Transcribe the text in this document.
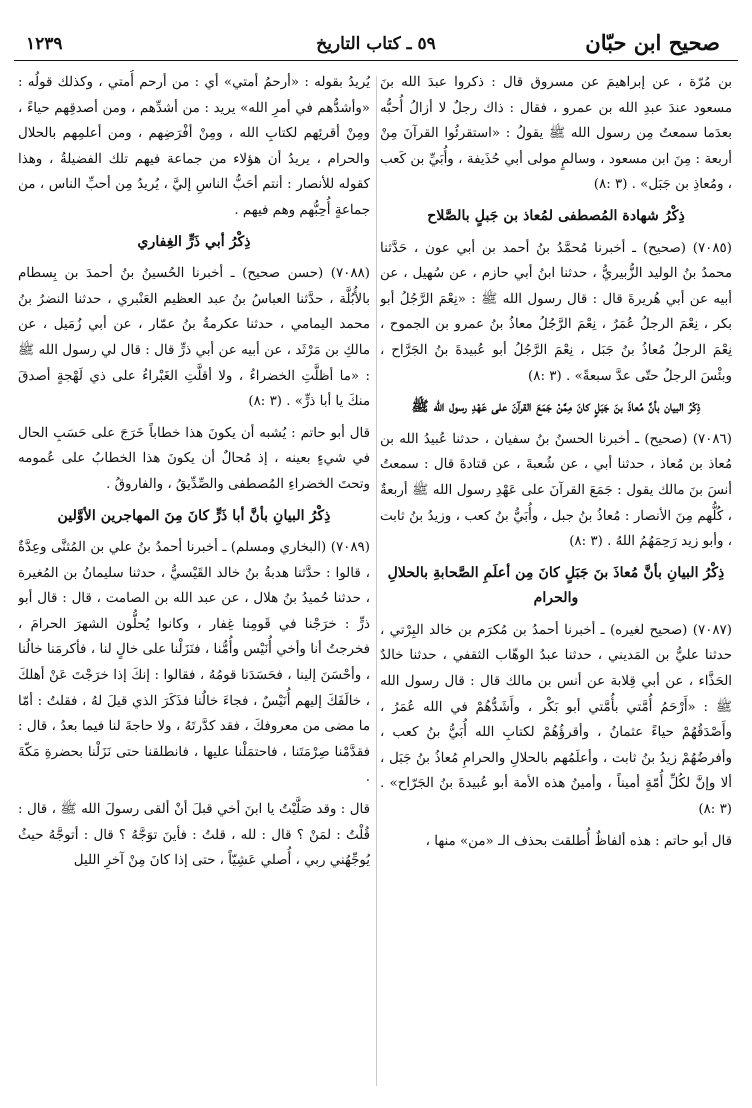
صحيح ابن حبّان
٥٩ ـ كتاب التاريخ
١٢٣٩

بن مُرّة ، عن إبراهيمَ عن مسروق قال : ذكروا عبدَ الله بنَ مسعود عندَ عبدِ الله بن عمرو ، فقال : ذاك رجلٌ لا أزالُ أُحبُّه بعدَما سمعتُ مِن رسول الله ﷺ يقولُ : «استقرئُوا القرآنَ مِنْ أربعة : مِنَ ابن مسعود ، وسالمٍ مولى أبي حُذَيفة ، وأُبَيِّ بن كَعب ، ومُعاذِ بن جَبَل» . (٣ :٨)

ذِكْرُ شهادة المُصطفى لمُعاذ بن جَبلٍ بالصَّلاح

(٧٠٨٥) (صحيح) ـ أخبرنا مُحمَّدُ بنُ أحمد بن أبي عون ، حَدَّثنا محمدُ بنُ الوليد الزُّبيريُّ ، حدثنا ابنُ أبي حازم ، عن سُهيل ، عن أبيه عن أبي هُريرةَ قال : قال رسول الله ﷺ : «نِعْمَ الرَّجُلُ أبو بكر ، نِعْمَ الرجلُ عُمَرُ ، نِعْمَ الرَّجُلُ معاذُ بنُ عمرو بن الجموح ، نِعْمَ الرجلُ مُعاذُ بنُ جَبَل ، نِعْمَ الرَّجُلُ أبو عُبيدةَ بنُ الجَرَّاح ، وبئْسَ الرجلُ حتّى عدَّ سبعةً» . (٣ :٨)

ذِكْرُ البيان بأنَّ مُعاذَ بنَ جَبَلٍ كانَ مِمَّنْ جَمَعَ القرآنَ على عَهْدِ رسول الله ﷺ

(٧٠٨٦) (صحيح) ـ أخبرنا الحسنُ بنُ سفيان ، حدثنا عُبيدُ الله بن مُعاذ بن مُعاذ ، حدثنا أبي ، عن شُعبةَ ، عن قتادةَ قال : سمعتُ أنسَ بنَ مالك يقول : جَمَعَ القرآنَ على عَهْدِ رسول الله ﷺ أربعةٌ ، كُلُّهم مِنَ الأنصار : مُعاذُ بنُ جبل ، وأُبَيُّ بنُ كعب ، وزيدُ بنُ ثابت ، وأبو زيد رَحِمَهُمُ اللهُ . (٣ :٨)

ذِكْرُ البيانِ بأنَّ مُعاذَ بنَ جَبَلٍ كانَ مِن أعلَمِ الصَّحابةِ بالحلالِ والحرام

(٧٠٨٧) (صحيح لغيره) ـ أخبرنا أحمدُ بن مُكرَم بن خالد البِرْتي ، حدثنا عليُّ بن المَديني ، حدثنا عبدُ الوهّاب الثقفي ، حدثنا خالدٌ الحَذَّاء ، عن أبي قِلابة عن أنس بن مالك قال : قال رسول الله ﷺ : «أَرْحَمُ أُمَّتي بأُمَّتي أبو بَكْر ، وأَشَدُّهُمْ في الله عُمَرُ ، وأَصْدَقُهُمْ حياءً عثمانُ ، وأقرؤُهُمْ لكتابِ الله أُبَيُّ بنُ كعب ، وأفرضُهُمْ زيدُ بنُ ثابت ، وأعلَمُهم بالحلالِ والحرامِ مُعاذُ بنُ جَبَل ، ألا وإنَّ لكُلِّ أُمّةٍ أميناً ، وأمينُ هذه الأمة أبو عُبيدةَ بنُ الجَرّاح» . (٣ :٨)

قال أبو حاتم : هذه ألفاظٌ أُطلقت بحذف الـ «من» منها ،

يُريدُ بقوله : «أرحمُ أمتي» أي : من أرحم أُمتي ، وكذلك قولُه : «وأشدُّهم في أمرِ الله» يريد : من أشدِّهم ، ومن أصدقِهم حياءً ، ومِنْ أقرئِهم لكتابِ الله ، ومِنْ أفْرَضِهم ، ومن أعلمِهم بالحلال والحرام ، يريدُ أن هؤلاء من جماعة فيهم تلك الفضيلةُ ، وهذا كقوله للأنصار : أنتم أحَبُّ الناسِ إليَّ ، يُريدُ مِن أحبِّ الناس ، من جماعةٍ أُحِبُّهم وهم فيهم .

ذِكْرُ أبي ذَرٍّ الغِفاري

(٧٠٨٨) (حسن صحيح) ـ أخبرنا الحُسينُ بنُ أحمدَ بن بِسطام بالأُبُلَّة ، حدَّثنا العباسُ بنُ عبد العظيم العَنْبري ، حدثنا النضرُ بنُ محمد اليمامي ، حدثنا عكرمةُ بنُ عمّار ، عن أبي زُمَيل ، عن مالكِ بن مَرْثَد ، عن أبيه عن أبي ذرٍّ قال : قال لي رسول الله ﷺ : «ما أظلَّتِ الخضراءُ ، ولا أقلَّتِ الغَبْراءُ على ذي لَهْجةٍ أصدقَ منكَ يا أبا ذرٍّ» . (٣ :٨)

قال أبو حاتم : يُشبه أن يكونَ هذا خطاباً خَرَجَ على حَسَبِ الحال في شيءٍ بعينه ، إذ مُحالٌ أن يكونَ هذا الخطابُ على عُمومه وتحتَ الخضراءِ المُصطفى والصِّدِّيقُ ، والفاروقُ .

ذِكْرُ البيانِ بأنَّ أبا ذَرٍّ كانَ مِنَ المهاجرين الأوَّلين

(٧٠٨٩) (البخاري ومسلم) ـ أخبرنا أحمدُ بنُ علي بن المُثنَّى وعِدَّةٌ ، قالوا : حدَّثنا هدبةُ بنُ خالد القَيْسيُّ ، حدثنا سليمانُ بن المُغيرة ، حدثنا حُميدُ بنُ هلال ، عن عبد الله بن الصامت ، قال : قال أبو ذرٍّ : خرَجْنا في قَومِنا غِفار ، وكانوا يُحلُّون الشهرَ الحرامَ ، فخرجتُ أنا وأخي أُنَيْس وأُمُّنا ، فنَزَلْنا على خالٍ لنا ، فأكرمَنا خالُنا ، وأحْسَنَ إلينا ، فحَسَدَنا قومُهُ ، فقالوا : إنكَ إذا خرَجْتَ عَنْ أهلكَ ، خالَفَكَ إليهم أُنَيْسٌ ، فجاءَ خالُنا فذَكَرَ الذي قيلَ لهُ ، فقلتُ : أمّا ما مضى من معروفكَ ، فقد كدَّرتَهُ ، ولا حاجةَ لنا فيما بعدُ ، قال : فقدَّمْنا صِرْمَتَنا ، فاحتمَلْنا عليها ، فانطلقنا حتى نَزَلْنا بحضرةِ مَكّةَ .

قال : وقد صَلَّيْتُ يا ابنَ أخي قبلَ أنْ ألقى رسولَ الله ﷺ ، قال : قُلْتُ : لمَنْ ؟ قال : لله ، قلتُ : فأينَ توَجَّهُ ؟ قال : أتوجَّهُ حيثُ يُوجِّهُني ربي ، أُصلي عَشِيّاً ، حتى إذا كانَ مِنْ آخرِ الليل
